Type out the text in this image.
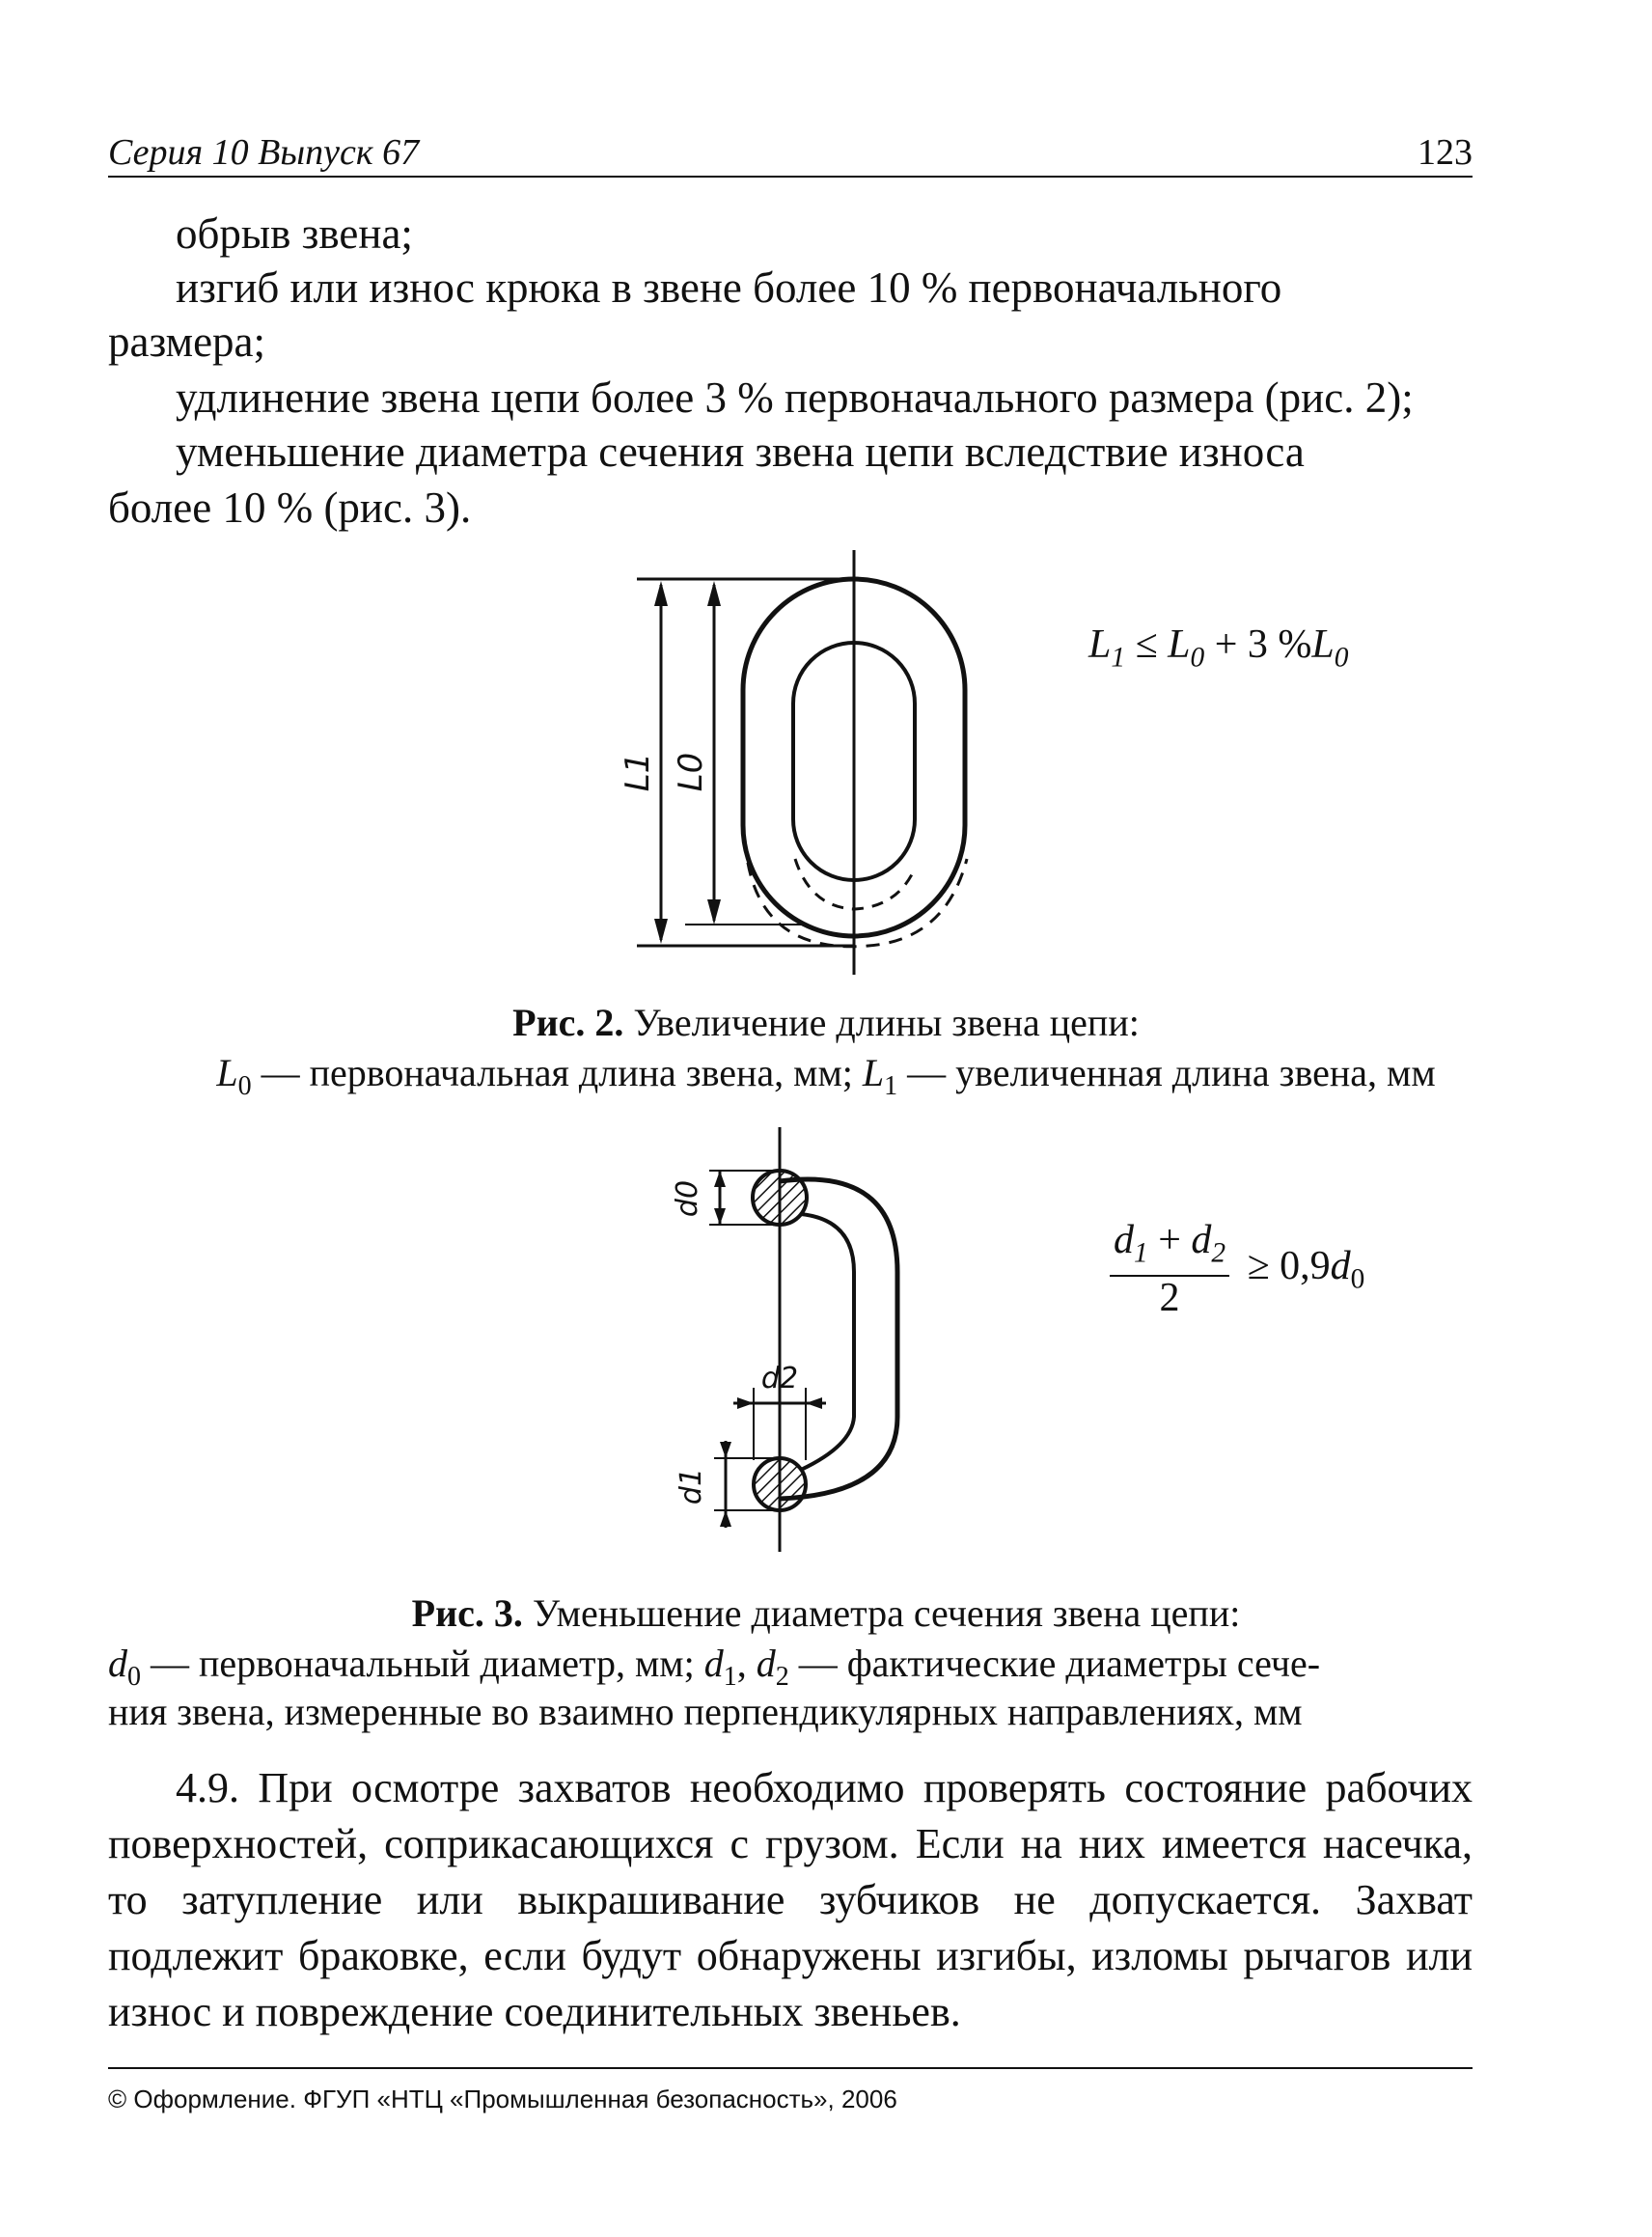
Серия 10 Выпуск 67	123
обрыв звена;
изгиб или износ крюка в звене более 10 % первоначального
размера;
удлинение звена цепи более 3 % первоначального размера (рис. 2);
уменьшение диаметра сечения звена цепи вследствие износа
более 10 % (рис. 3).
L1 L0
$L_1 \le L_0 + 3$ $\%L_0$
Рис. 2. Увеличение длины звена цепи:
$L_0$ — первоначальная длина звена, мм; $L_1$ — увеличенная длина звена, мм
d0
d1
d2
$\frac{d_1 + d_2}{2} \ge 0,9d_0$
Рис. 3. Уменьшение диаметра сечения звена цепи:
$d_0$ — первоначальный диаметр, мм; $d_1$, $d_2$ — фактические диаметры сече-
ния звена, измеренные во взаимно перпендикулярных направлениях, мм
4.9. При осмотре захватов необходимо проверять состояние рабочих поверхностей, соприкасающихся с грузом. Если на них имеется насечка, то затупление или выкрашивание зубчиков не допускается. Захват подлежит браковке, если будут обнаружены изгибы, изломы рычагов или износ и повреждение соединительных звеньев.
© Оформление. ФГУП «НТЦ «Промышленная безопасность», 2006
